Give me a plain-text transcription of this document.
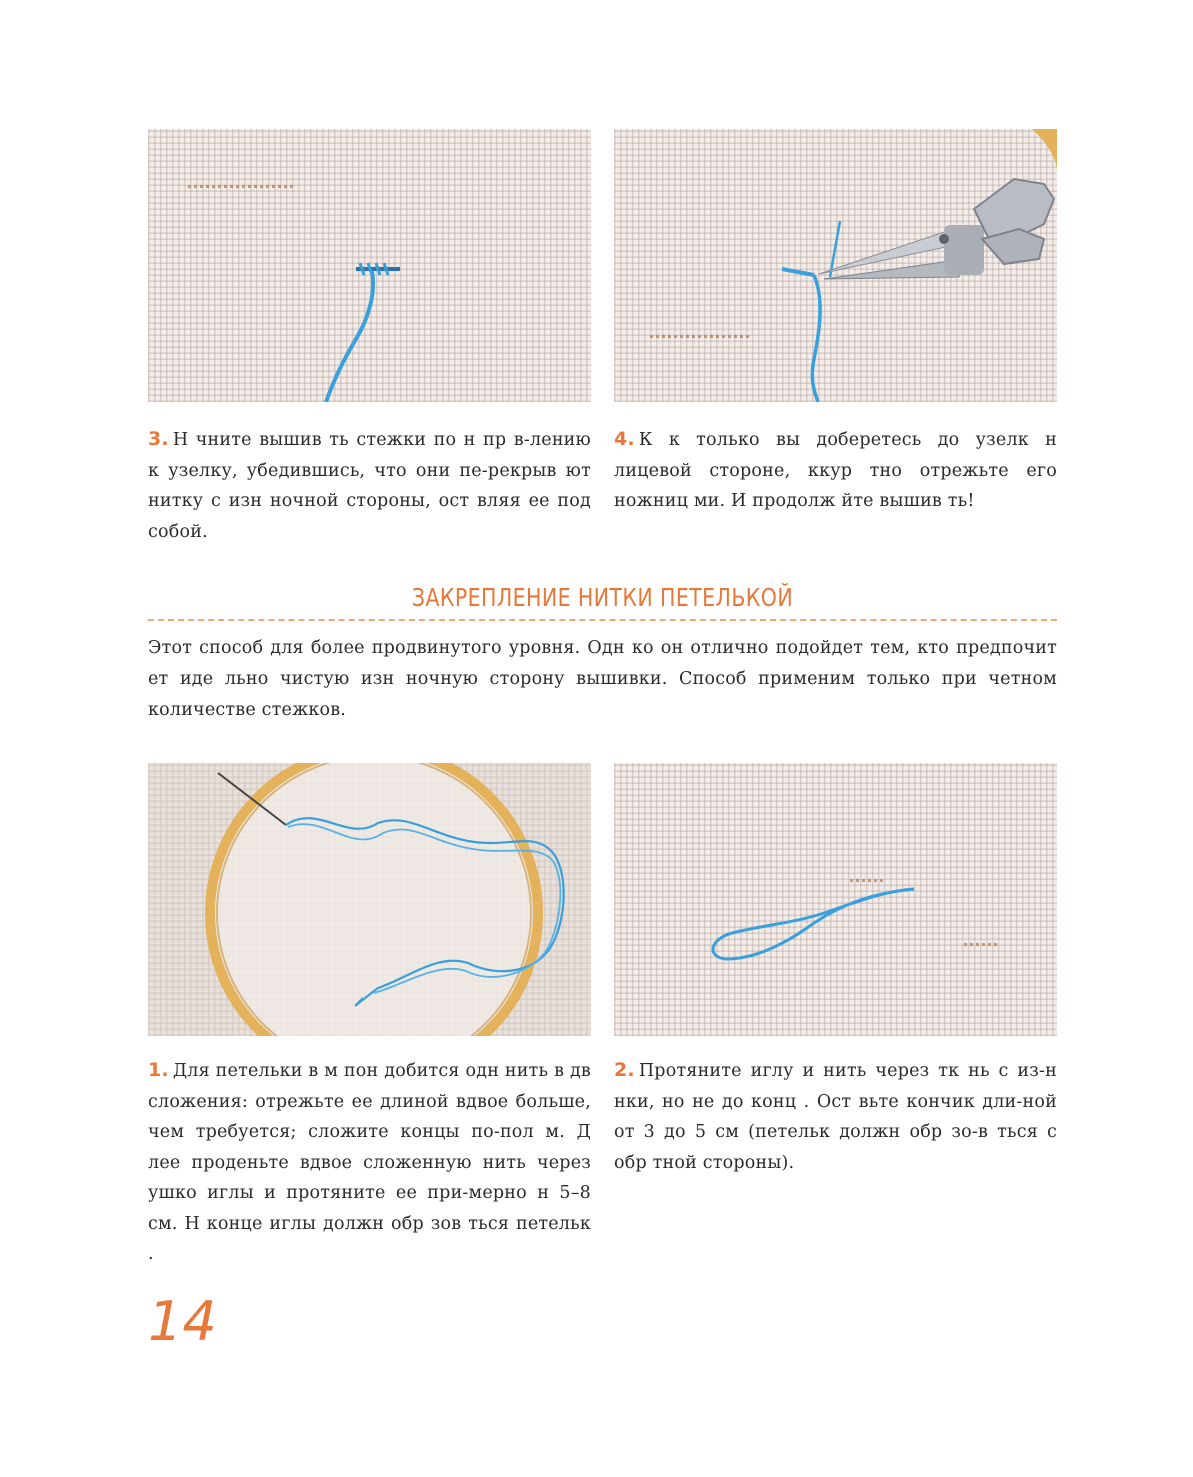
3. Н чните вышив ть стежки по н пр в-лению к узелку, убедившись, что они пе-рекрыв ют нитку с изн ночной стороны, ост вляя ее под собой.
4. К к только вы доберетесь до узелк н лицевой стороне, ккур тно отрежьте его ножниц ми. И продолж йте вышив ть!
ЗАКРЕПЛЕНИЕ НИТКИ ПЕТЕЛЬКОЙ
Этот способ для более продвинутого уровня. Одн ко он отлично подойдет тем, кто предпочит ет иде льно чистую изн ночную сторону вышивки. Способ применим только при четном количестве стежков.
1. Для петельки в м пон добится одн нить в дв сложения: отрежьте ее длиной вдвое больше, чем требуется; сложите концы по-пол м. Д лее проденьте вдвое сложенную нить через ушко иглы и протяните ее при-мерно н 5–8 см. Н конце иглы должн обр зов ться петельк .
2. Протяните иглу и нить через тк нь с из-н нки, но не до конц . Ост вьте кончик дли-ной от 3 до 5 см (петельк должн обр зо-в ться с обр тной стороны).
14
